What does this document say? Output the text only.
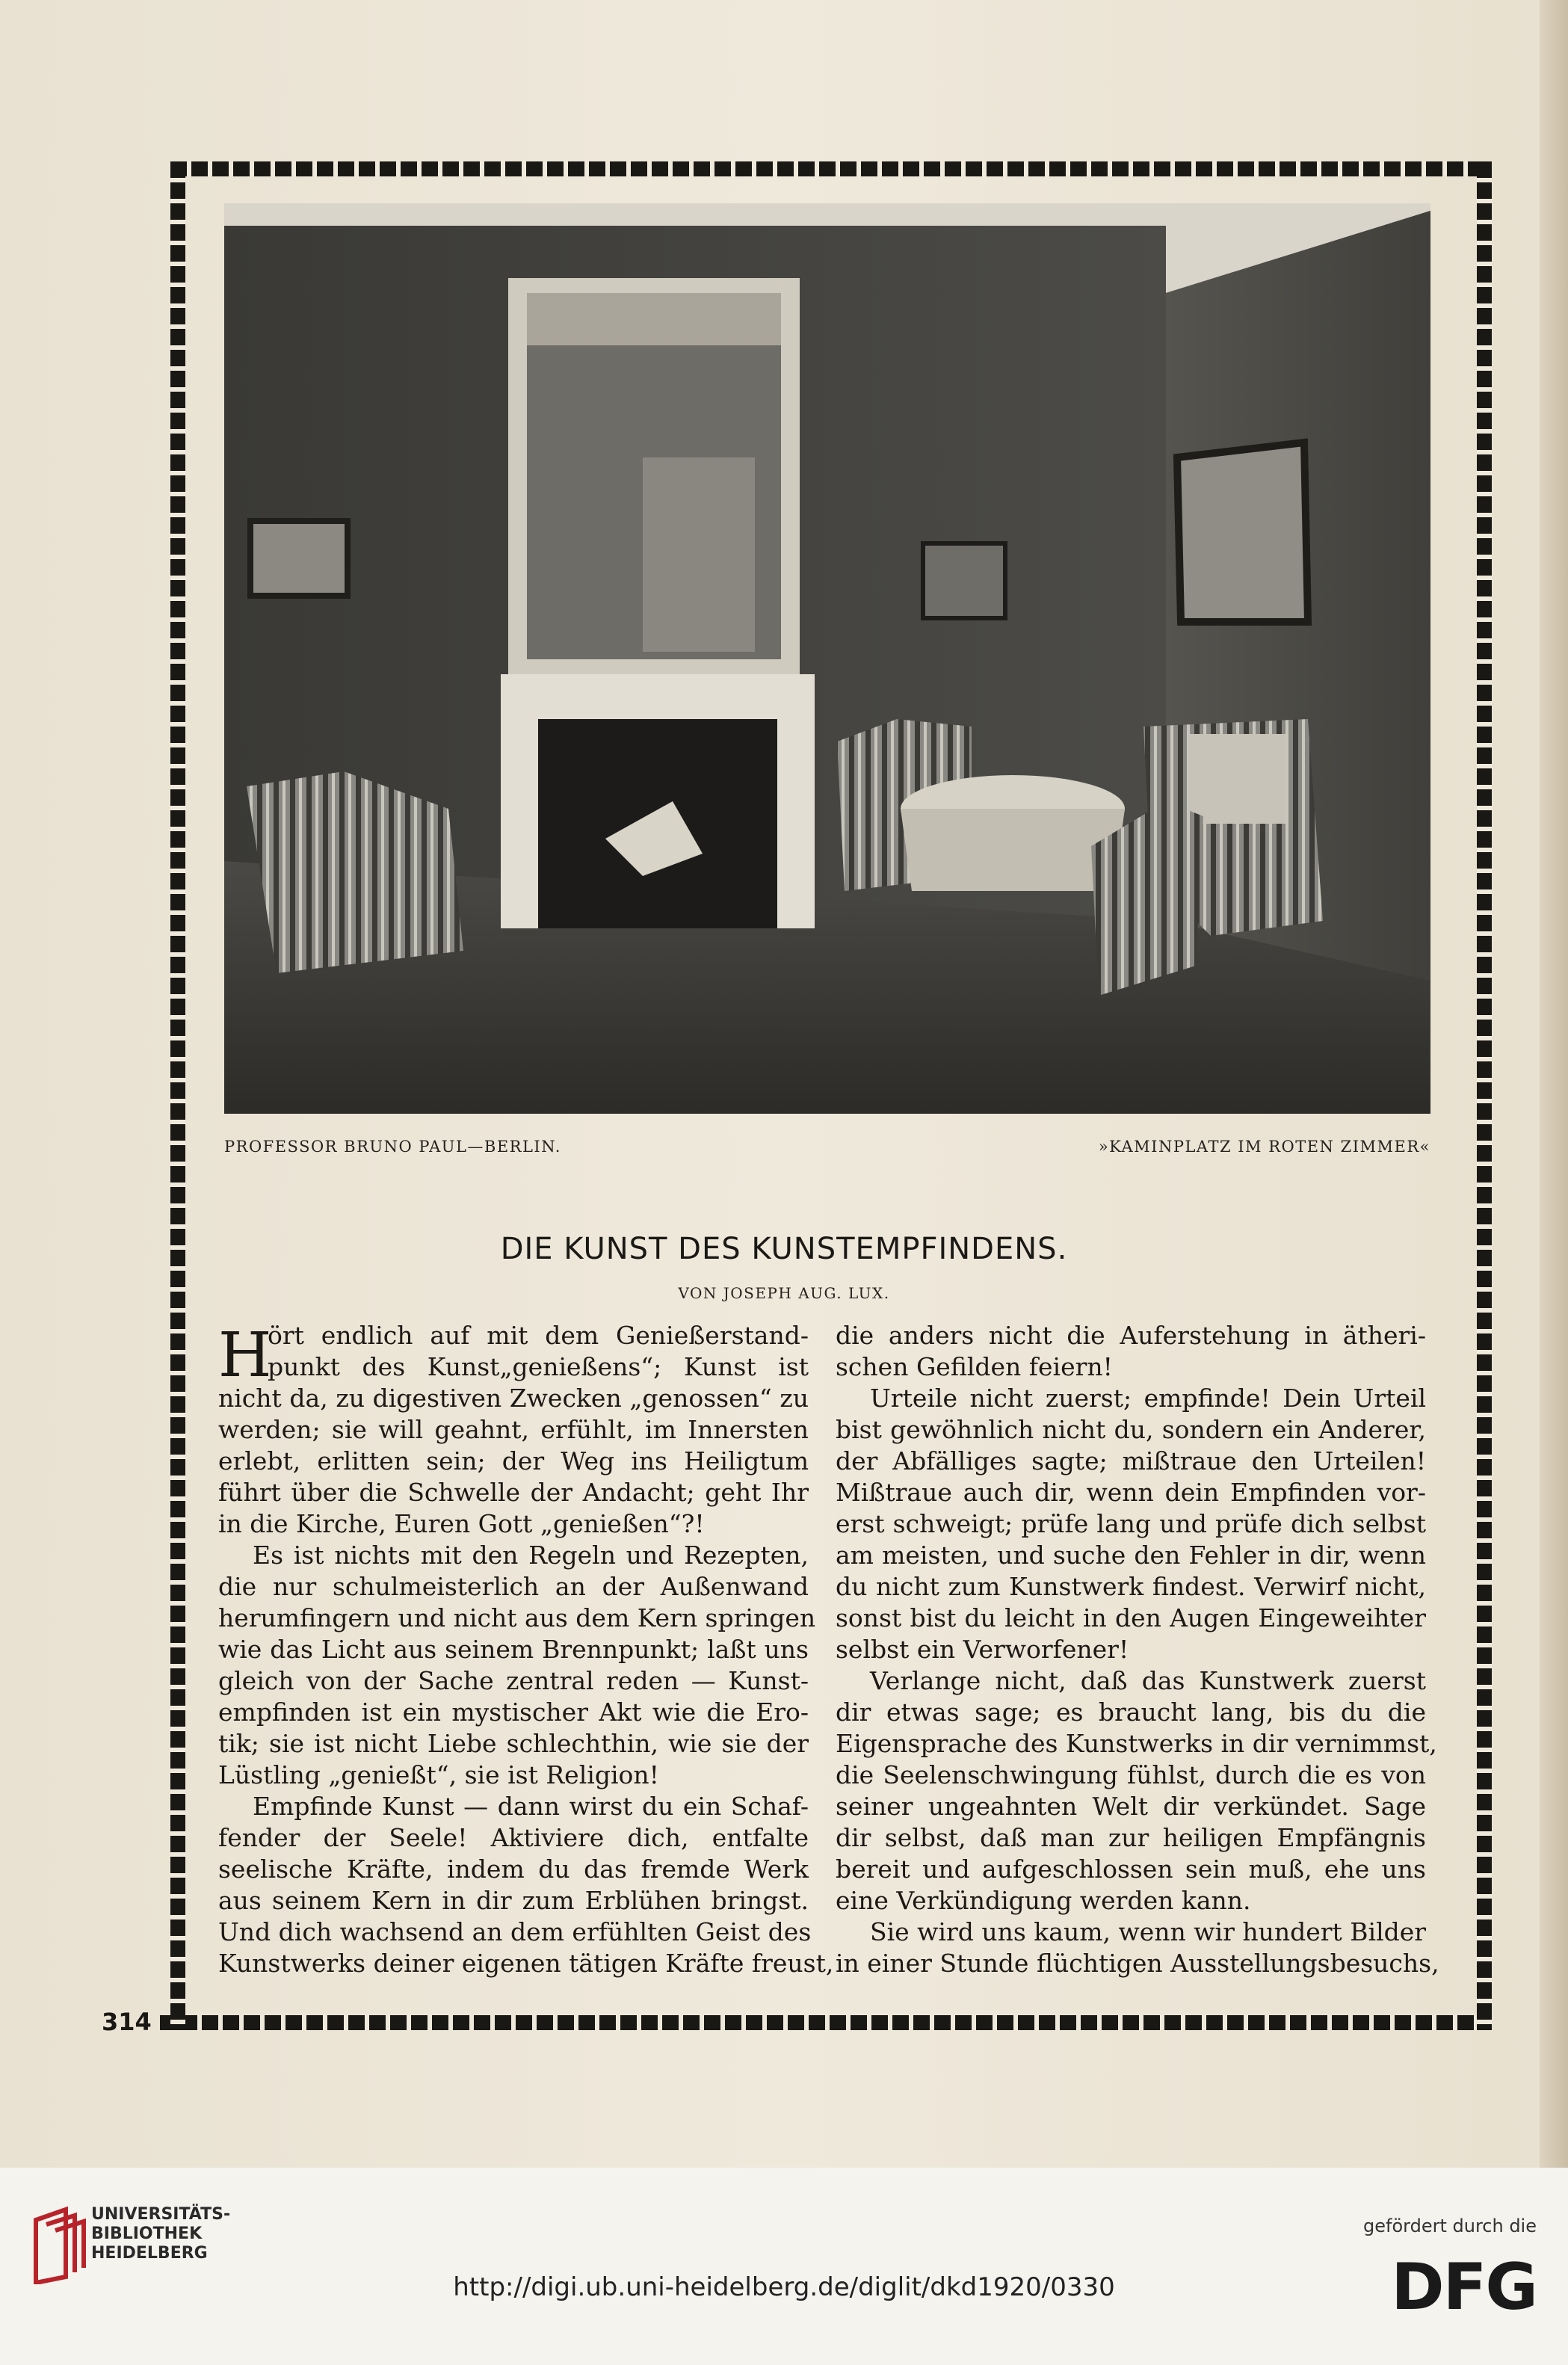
PROFESSOR BRUNO PAUL—BERLIN.	»KAMINPLATZ IM ROTEN ZIMMER«
DIE KUNST DES KUNSTEMPFINDENS.
VON JOSEPH AUG. LUX.
H
ört endlich auf mit dem Genießerstand-
punkt des Kunst„genießens“; Kunst ist
nicht da, zu digestiven Zwecken „genossen“ zu
werden; sie will geahnt, erfühlt, im Innersten
erlebt, erlitten sein; der Weg ins Heiligtum
führt über die Schwelle der Andacht; geht Ihr
in die Kirche, Euren Gott „genießen“?!
Es ist nichts mit den Regeln und Rezepten,
die nur schulmeisterlich an der Außenwand
herumfingern und nicht aus dem Kern springen
wie das Licht aus seinem Brennpunkt; laßt uns
gleich von der Sache zentral reden — Kunst-
empfinden ist ein mystischer Akt wie die Ero-
tik; sie ist nicht Liebe schlechthin, wie sie der
Lüstling „genießt“, sie ist Religion!
Empfinde Kunst — dann wirst du ein Schaf-
fender der Seele! Aktiviere dich, entfalte
seelische Kräfte, indem du das fremde Werk
aus seinem Kern in dir zum Erblühen bringst.
Und dich wachsend an dem erfühlten Geist des
Kunstwerks deiner eigenen tätigen Kräfte freust,
die anders nicht die Auferstehung in ätheri-
schen Gefilden feiern!
Urteile nicht zuerst; empfinde! Dein Urteil
bist gewöhnlich nicht du, sondern ein Anderer,
der Abfälliges sagte; mißtraue den Urteilen!
Mißtraue auch dir, wenn dein Empfinden vor-
erst schweigt; prüfe lang und prüfe dich selbst
am meisten, und suche den Fehler in dir, wenn
du nicht zum Kunstwerk findest. Verwirf nicht,
sonst bist du leicht in den Augen Eingeweihter
selbst ein Verworfener!
Verlange nicht, daß das Kunstwerk zuerst
dir etwas sage; es braucht lang, bis du die
Eigensprache des Kunstwerks in dir vernimmst,
die Seelenschwingung fühlst, durch die es von
seiner ungeahnten Welt dir verkündet. Sage
dir selbst, daß man zur heiligen Empfängnis
bereit und aufgeschlossen sein muß, ehe uns
eine Verkündigung werden kann.
Sie wird uns kaum, wenn wir hundert Bilder
in einer Stunde flüchtigen Ausstellungsbesuchs,
314
UNIVERSITÄTS-
BIBLIOTHEK
HEIDELBERG
http://digi.ub.uni-heidelberg.de/diglit/dkd1920/0330
gefördert durch die
DFG
